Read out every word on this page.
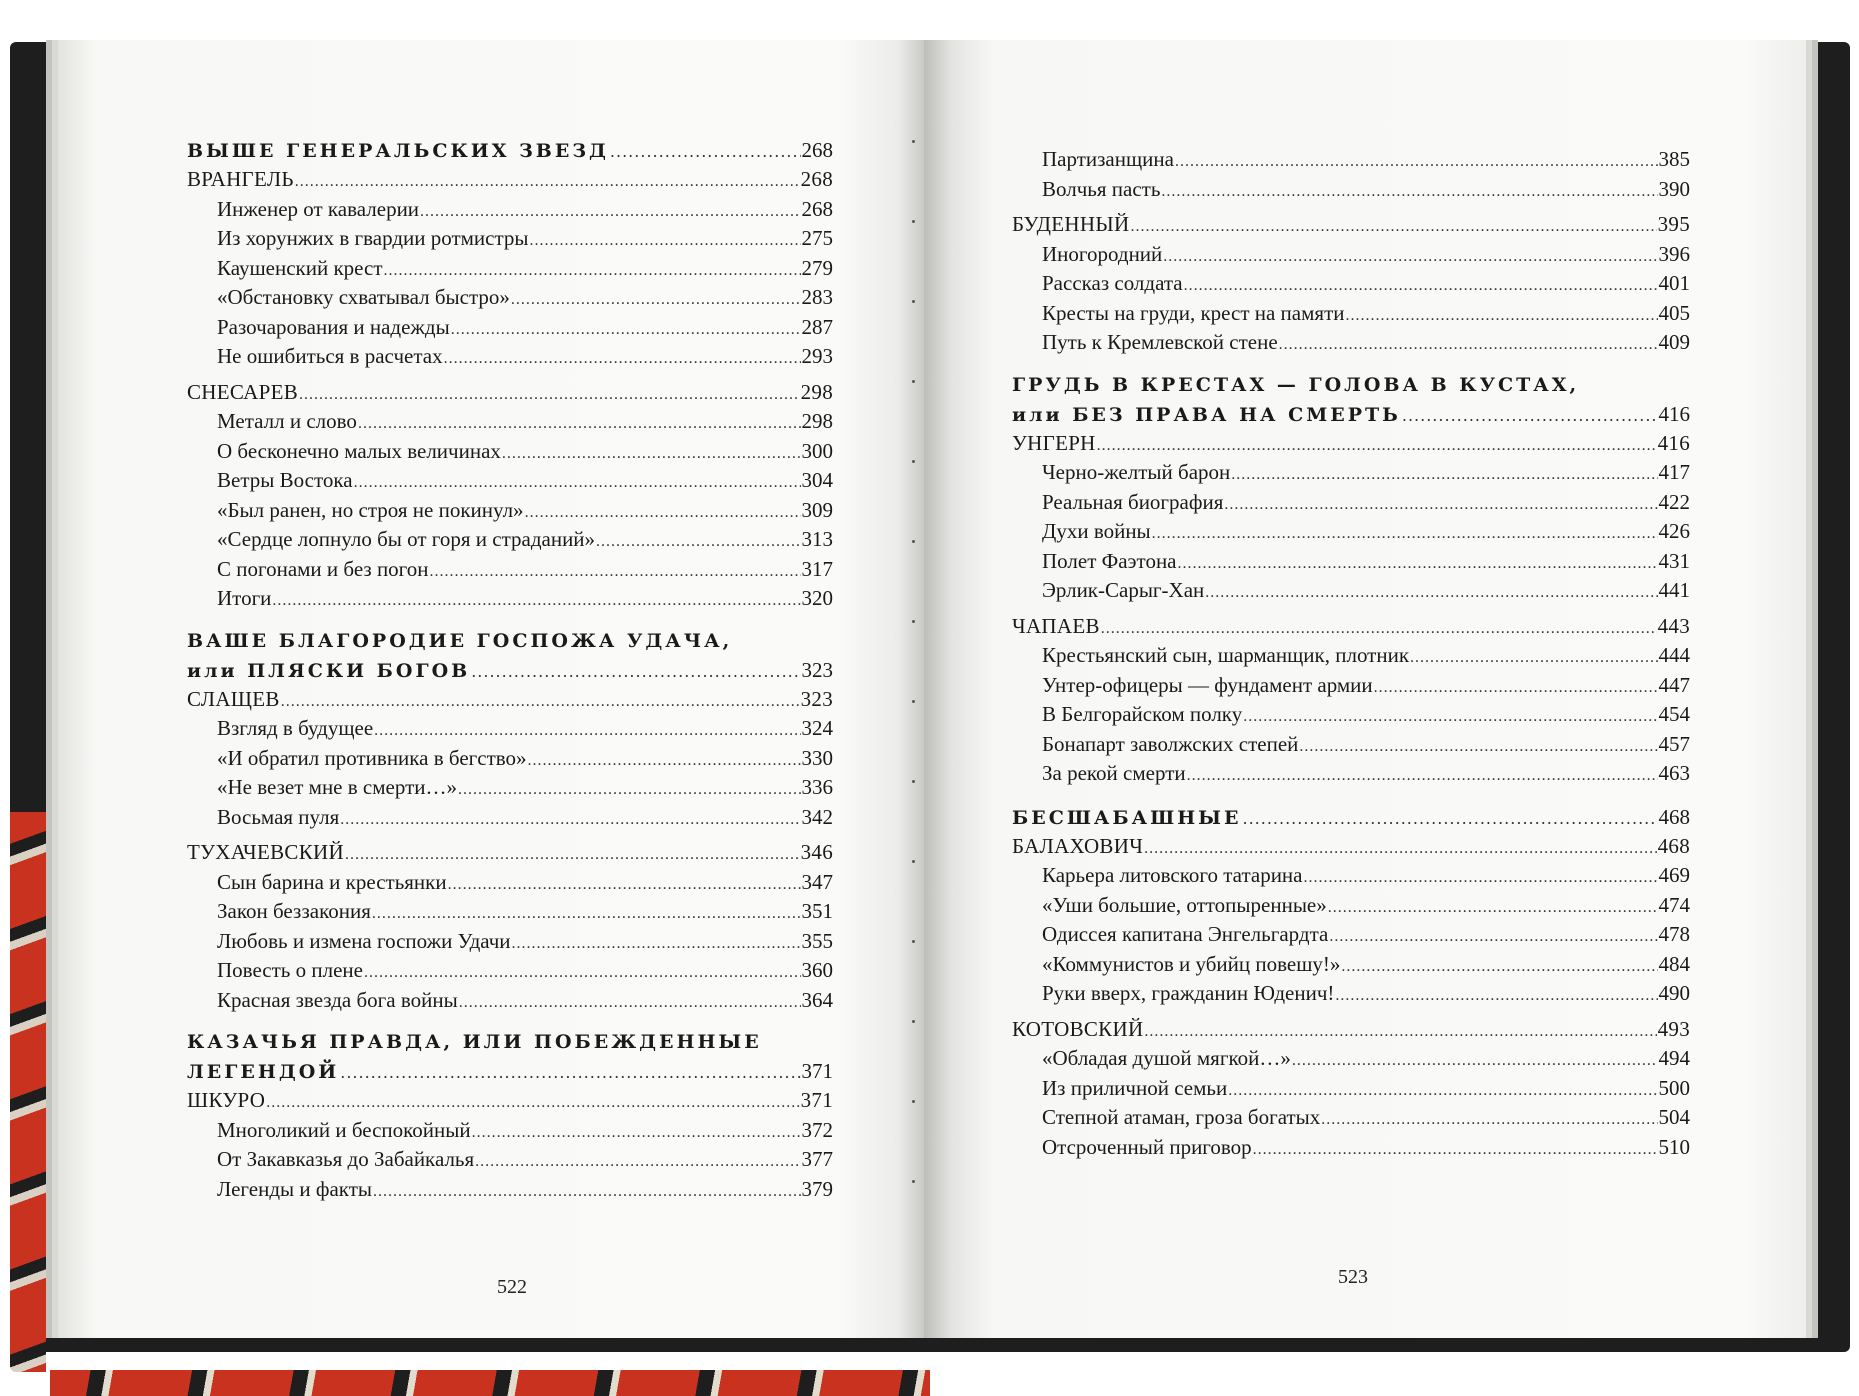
ВЫШЕ ГЕНЕРАЛЬСКИХ ЗВЕЗД .....	268
ВРАНГЕЛЬ .....	268
Инженер от кавалерии .....	268
Из хорунжих в гвардии ротмистры .....	275
Каушенский крест .....	279
«Обстановку схватывал быстро» .....	283
Разочарования и надежды .....	287
Не ошибиться в расчетах .....	293
СНЕСАРЕВ .....	298
Металл и слово .....	298
О бесконечно малых величинах .....	300
Ветры Востока .....	304
«Был ранен, но строя не покинул» .....	309
«Сердце лопнуло бы от горя и страданий» .....	313
С погонами и без погон .....	317
Итоги .....	320
ВАШЕ БЛАГОРОДИЕ ГОСПОЖА УДАЧА,
или ПЛЯСКИ БОГОВ .....	323
СЛАЩЕВ .....	323
Взгляд в будущее .....	324
«И обратил противника в бегство» .....	330
«Не везет мне в смерти…» .....	336
Восьмая пуля .....	342
ТУХАЧЕВСКИЙ .....	346
Сын барина и крестьянки .....	347
Закон беззакония .....	351
Любовь и измена госпожи Удачи .....	355
Повесть о плене .....	360
Красная звезда бога войны .....	364
КАЗАЧЬЯ ПРАВДА, ИЛИ ПОБЕЖДЕННЫЕ
ЛЕГЕНДОЙ .....	371
ШКУРО .....	371
Многоликий и беспокойный .....	372
От Закавказья до Забайкалья .....	377
Легенды и факты .....	379
Партизанщина .....	385
Волчья пасть .....	390
БУДЕННЫЙ .....	395
Иногородний .....	396
Рассказ солдата .....	401
Кресты на груди, крест на памяти .....	405
Путь к Кремлевской стене .....	409
ГРУДЬ В КРЕСТАХ — ГОЛОВА В КУСТАХ,
или БЕЗ ПРАВА НА СМЕРТЬ .....	416
УНГЕРН .....	416
Черно-желтый барон .....	417
Реальная биография .....	422
Духи войны .....	426
Полет Фаэтона .....	431
Эрлик-Сарыг-Хан .....	441
ЧАПАЕВ .....	443
Крестьянский сын, шарманщик, плотник .....	444
Унтер-офицеры — фундамент армии .....	447
В Белгорайском полку .....	454
Бонапарт заволжских степей .....	457
За рекой смерти .....	463
БЕСШАБАШНЫЕ .....	468
БАЛАХОВИЧ .....	468
Карьера литовского татарина .....	469
«Уши большие, оттопыренные» .....	474
Одиссея капитана Энгельгардта .....	478
«Коммунистов и убийц повешу!» .....	484
Руки вверх, гражданин Юденич! .....	490
КОТОВСКИЙ .....	493
«Обладая душой мягкой…» .....	494
Из приличной семьи .....	500
Степной атаман, гроза богатых .....	504
Отсроченный приговор .....	510
522	523
